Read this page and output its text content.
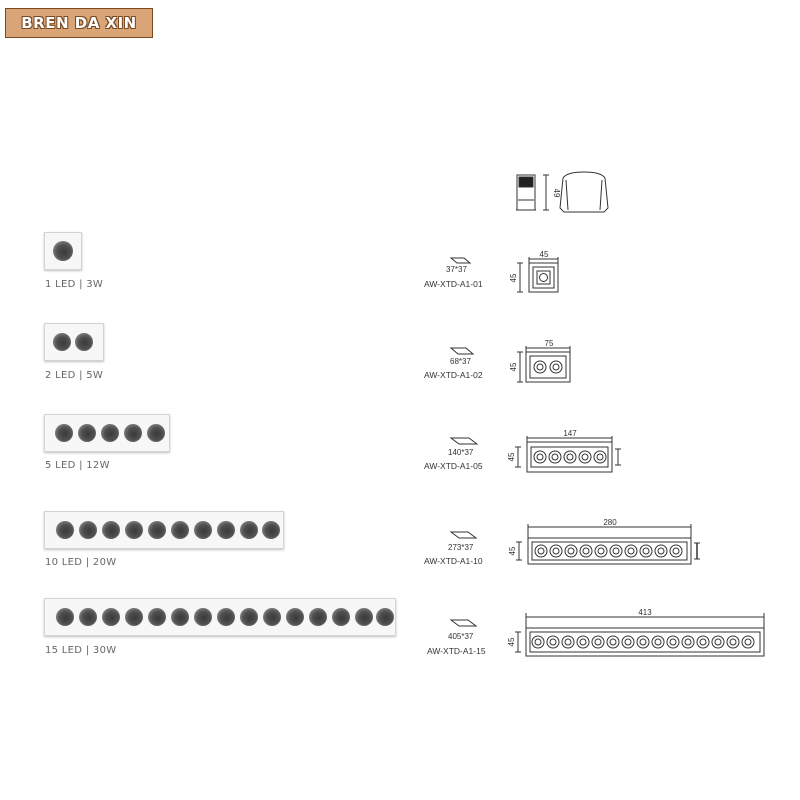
BREN DA XIN
1 LED | 3W
2 LED | 5W
5 LED | 12W
10 LED | 20W
15 LED | 30W
37*37
AW-XTD-A1-01
68*37
AW-XTD-A1-02
140*37
AW-XTD-A1-05
273*37
AW-XTD-A1-10
405*37
AW-XTD-A1-15
49
45
45
75
45
147
45
280
45
413
45
